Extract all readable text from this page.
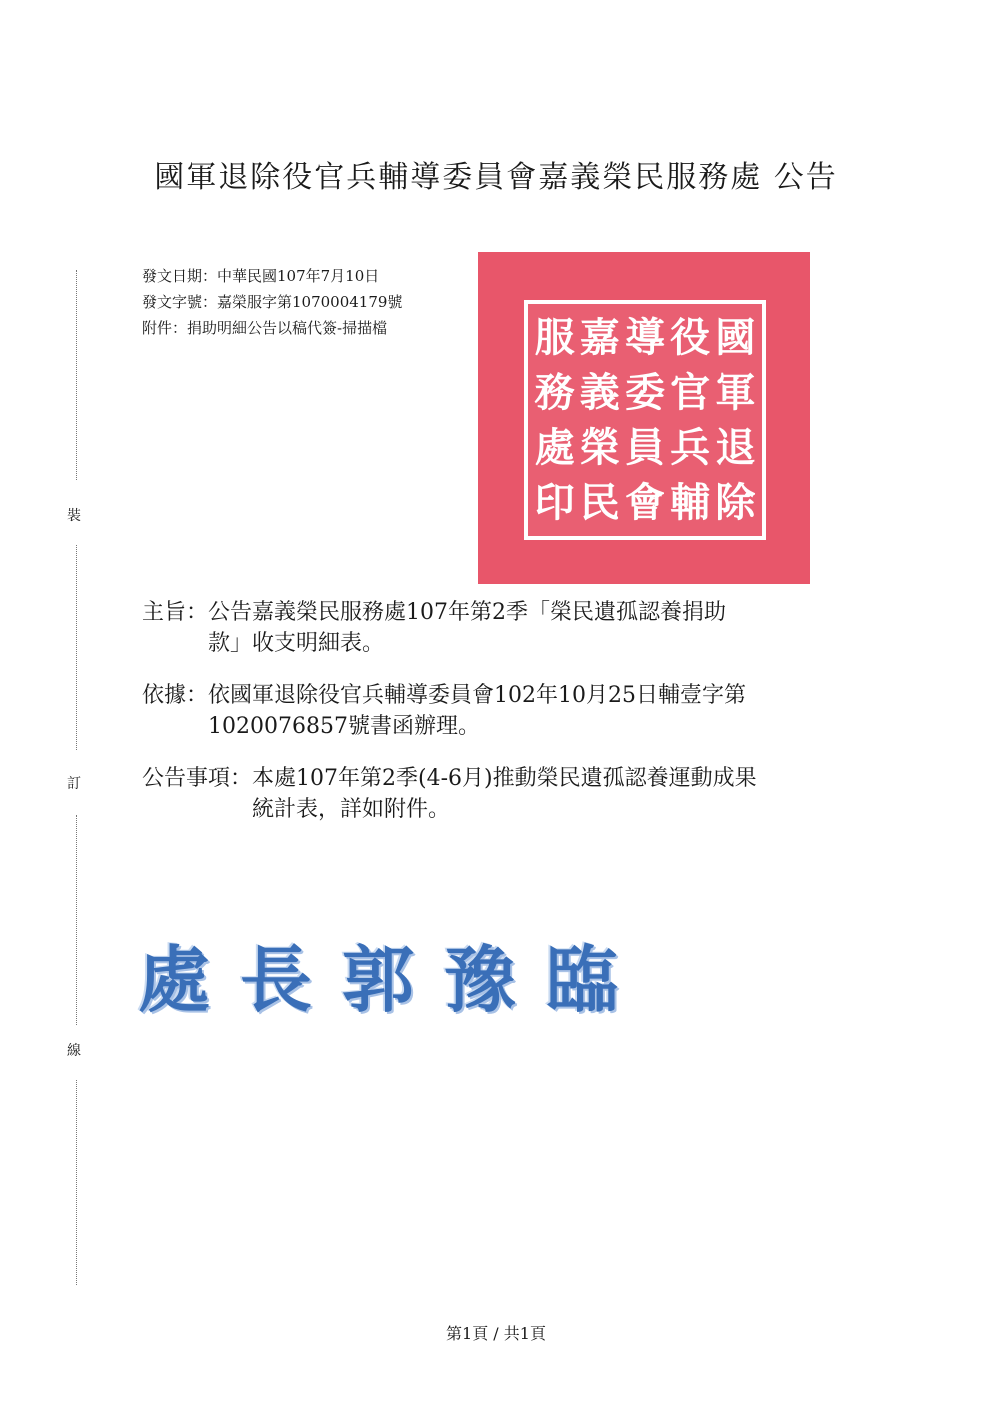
國軍退除役官兵輔導委員會嘉義榮民服務處 公告
發文日期：中華民國107年7月10日
發文字號：嘉榮服字第1070004179號
附件：捐助明細公告以稿代簽-掃描檔	國
軍
退
除
役
官
兵
輔
導
委
員
會
嘉
義
榮
民
服
務
處
印
主旨： 公告嘉義榮民服務處107年第2季「榮民遺孤認養捐助
款」收支明細表。
依據： 依國軍退除役官兵輔導委員會102年10月25日輔壹字第
1020076857號書函辦理。
公告事項： 本處107年第2季(4-6月)推動榮民遺孤認養運動成果
統計表，詳如附件。
處長郭豫臨
裝
訂
線
第1頁 / 共1頁
